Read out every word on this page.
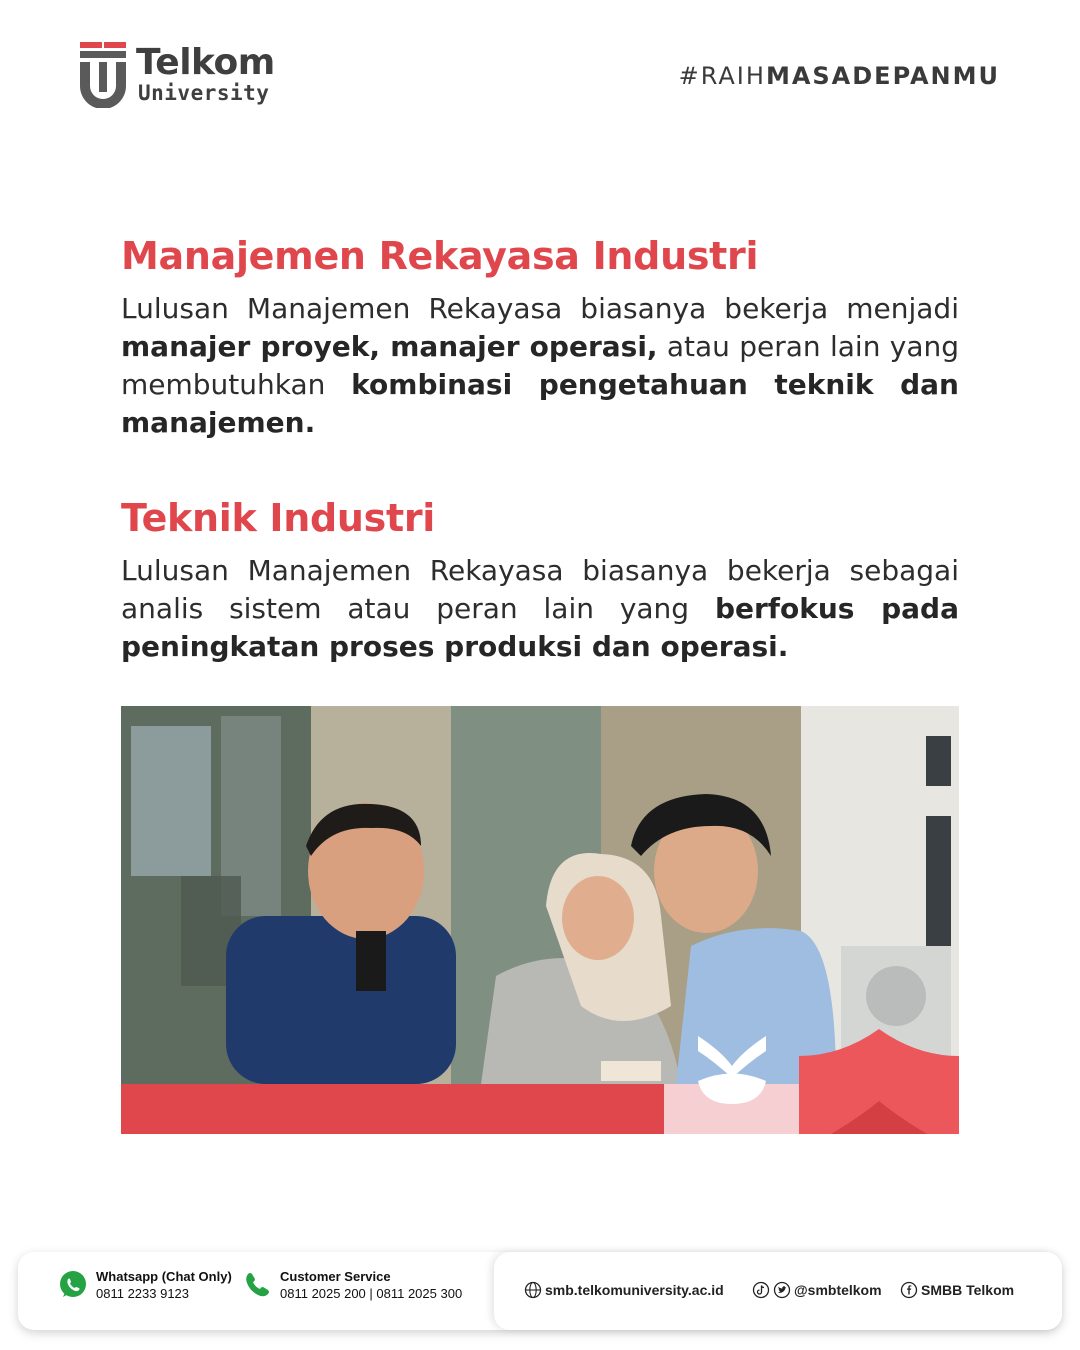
Telkom
University
#RAIHMASADEPANMU
Manajemen Rekayasa Industri

Lulusan Manajemen Rekayasa biasanya bekerja menjadi manajer proyek, manajer operasi, atau peran lain yang membutuhkan kombinasi pengetahuan teknik dan manajemen.

Teknik Industri

Lulusan Manajemen Rekayasa biasanya bekerja sebagai analis sistem atau peran lain yang berfokus pada peningkatan proses produksi dan operasi.

Whatsapp (Chat Only)
0811 2233 9123
Customer Service
0811 2025 200 | 0811 2025 300	smb.telkomuniversity.ac.id	@smbtelkom	SMBB Telkom
